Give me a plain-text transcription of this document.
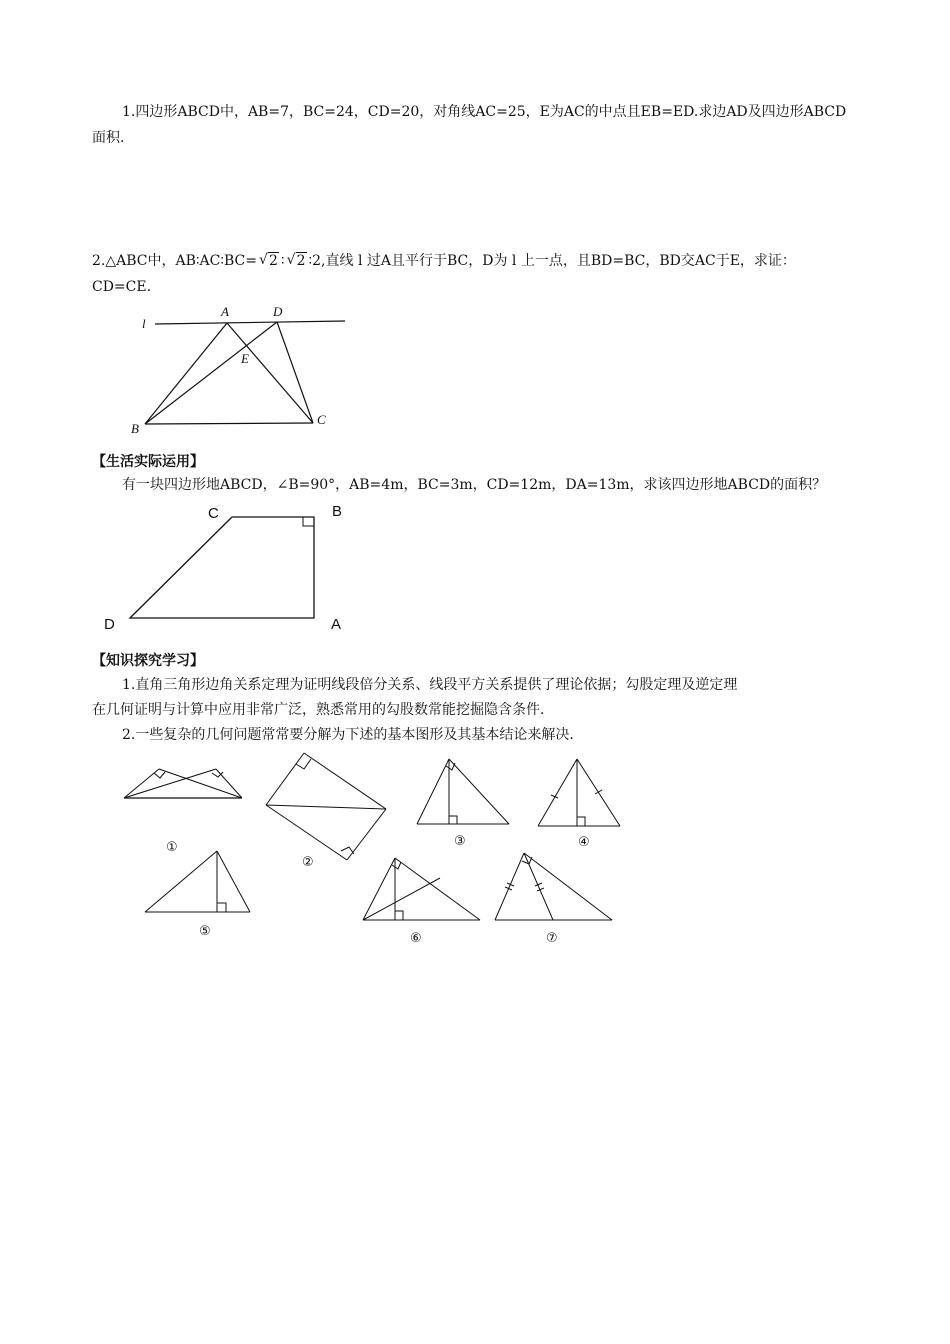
1.四边形ABCD中，AB=7，BC=24，CD=20，对角线AC=25，E为AC的中点且EB=ED.求边AD及四边形ABCD
面积.
2.△ABC中，AB∶AC∶BC= √ 2 ∶ √ 2 ∶2,直线 l 过A且平行于BC，D为 l 上一点，且BD=BC，BD交AC于E，求证：
CD=CE.
l
A	D
E
B
C
【生活实际运用】
有一块四边形地ABCD，∠B=90°，AB=4m，BC=3m，CD=12m，DA=13m，求该四边形地ABCD的面积？
C	B
D	A
【知识探究学习】
1.直角三角形边角关系定理为证明线段倍分关系、线段平方关系提供了理论依据；勾股定理及逆定理
在几何证明与计算中应用非常广泛，熟悉常用的勾股数常能挖掘隐含条件.
2.一些复杂的几何问题常常要分解为下述的基本图形及其基本结论来解决.
①
②
③	④
⑤	⑥	⑦
